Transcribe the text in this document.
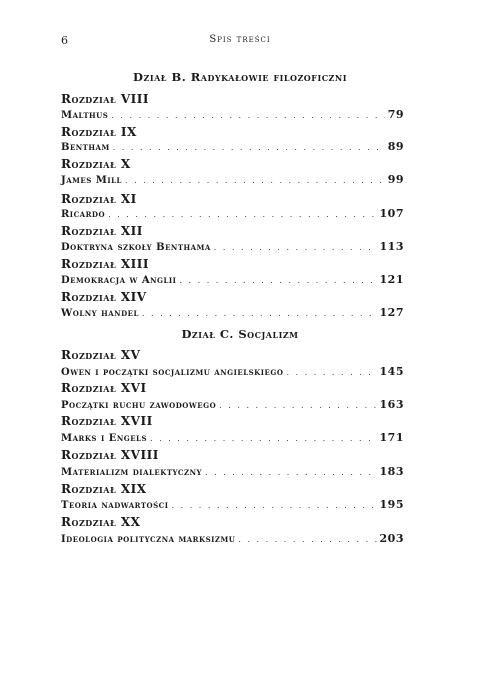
6	Spis treści
Dział B. Radykałowie filozoficzni
Rozdział VIII
Malthus . . .	79
Rozdział IX
Bentham . . .	89
Rozdział X
James Mill . . .	99
Rozdział XI
Ricardo . . .	107
Rozdział XII
Doktryna szkoły Benthama . . .	113
Rozdział XIII
Demokracja w Anglii . . .	121
Rozdział XIV
Wolny handel . . .	127
Dział C. Socjalizm
Rozdział XV
Owen i początki socjalizmu angielskiego . . .	145
Rozdział XVI
Początki ruchu zawodowego . . .	163
Rozdział XVII
Marks i Engels . . .	171
Rozdział XVIII
Materializm dialektyczny . . .	183
Rozdział XIX
Teoria nadwartości . . .	195
Rozdział XX
Ideologia polityczna marksizmu . . .	203
